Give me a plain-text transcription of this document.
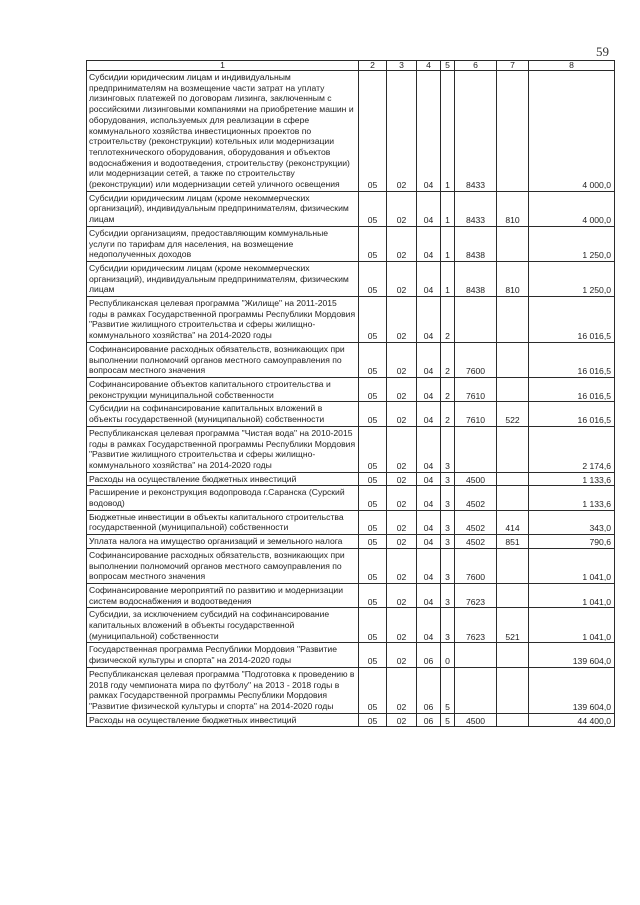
59
1	2	3	4	5	6	7	8
Субсидии юридическим лицам и индивидуальным предпринимателям на возмещение части затрат на уплату лизинговых платежей по договорам лизинга, заключенным с российскими лизинговыми компаниями на приобретение машин и оборудования, используемых для реализации в сфере коммунального хозяйства инвестиционных проектов по строительству (реконструкции) котельных или модернизации теплотехнического оборудования, оборудования и объектов водоснабжения и водоотведения, строительству (реконструкции) или модернизации сетей, а также по строительству (реконструкции) или модернизации сетей уличного освещения	05	02	04	1	8433		4 000,0
Субсидии юридическим лицам (кроме некоммерческих организаций), индивидуальным предпринимателям, физическим лицам	05	02	04	1	8433	810	4 000,0
Субсидии организациям, предоставляющим коммунальные услуги по тарифам для населения, на возмещение недополученных доходов	05	02	04	1	8438		1 250,0
Субсидии юридическим лицам (кроме некоммерческих организаций), индивидуальным предпринимателям, физическим лицам	05	02	04	1	8438	810	1 250,0
Республиканская целевая программа "Жилище" на 2011-2015 годы в рамках Государственной программы Республики Мордовия "Развитие жилищного строительства и сферы жилищно-коммунального хозяйства" на 2014-2020 годы	05	02	04	2			16 016,5
Софинансирование расходных обязательств, возникающих при выполнении полномочий органов местного самоуправления по вопросам местного значения	05	02	04	2	7600		16 016,5
Софинансирование объектов капитального строительства и реконструкции муниципальной собственности	05	02	04	2	7610		16 016,5
Субсидии на софинансирование капитальных вложений в объекты государственной (муниципальной) собственности	05	02	04	2	7610	522	16 016,5
Республиканская целевая программа "Чистая вода" на 2010-2015 годы в рамках Государственной программы Республики Мордовия "Развитие жилищного строительства и сферы жилищно-коммунального хозяйства" на 2014-2020 годы	05	02	04	3			2 174,6
Расходы на осуществление бюджетных инвестиций	05	02	04	3	4500		1 133,6
Расширение и реконструкция водопровода г.Саранска (Сурский водовод)	05	02	04	3	4502		1 133,6
Бюджетные инвестиции в объекты капитального строительства государственной (муниципальной) собственности	05	02	04	3	4502	414	343,0
Уплата налога на имущество организаций и земельного налога	05	02	04	3	4502	851	790,6
Софинансирование расходных обязательств, возникающих при выполнении полномочий органов местного самоуправления по вопросам местного значения	05	02	04	3	7600		1 041,0
Софинансирование мероприятий по развитию и модернизации систем водоснабжения и водоотведения	05	02	04	3	7623		1 041,0
Субсидии, за исключением субсидий на софинансирование капитальных вложений в объекты государственной (муниципальной) собственности	05	02	04	3	7623	521	1 041,0
Государственная программа Республики Мордовия "Развитие физической культуры и спорта" на 2014-2020 годы	05	02	06	0			139 604,0
Республиканская целевая программа "Подготовка к проведению в 2018 году чемпионата мира по футболу" на 2013 - 2018 годы в рамках Государственной программы Республики Мордовия "Развитие физической культуры и спорта" на 2014-2020 годы	05	02	06	5			139 604,0
Расходы на осуществление бюджетных инвестиций	05	02	06	5	4500		44 400,0
